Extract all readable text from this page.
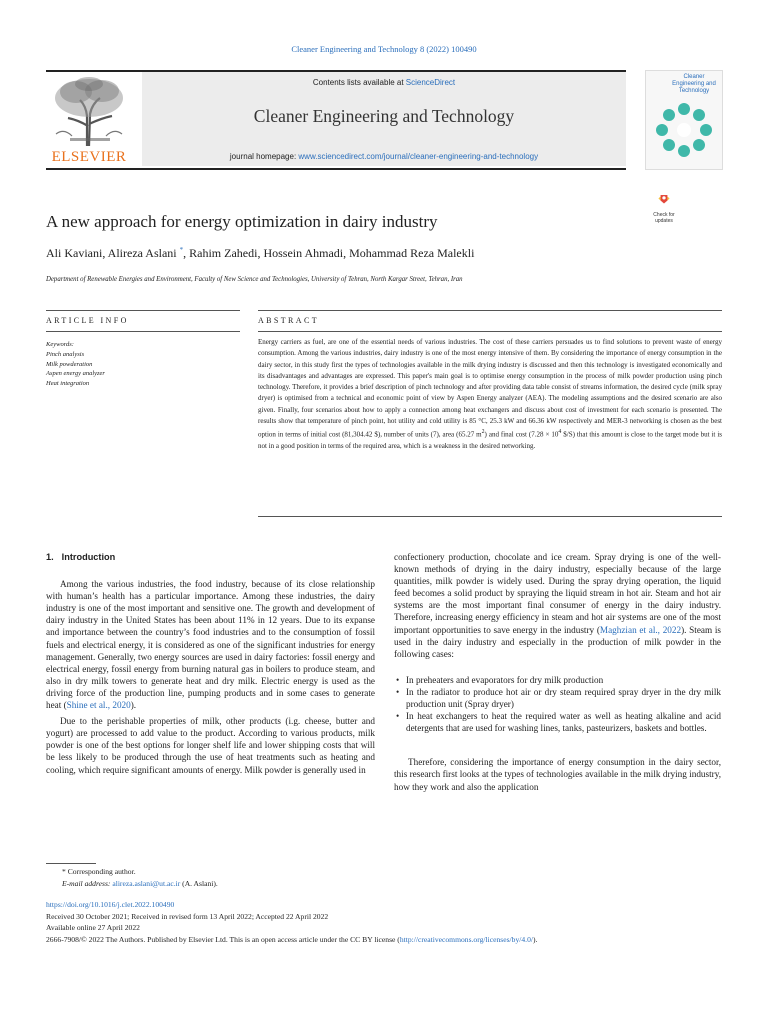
Cleaner Engineering and Technology 8 (2022) 100490
ELSEVIER
Contents lists available at ScienceDirect
Cleaner Engineering and Technology
journal homepage: www.sciencedirect.com/journal/cleaner-engineering-and-technology
Cleaner Engineering and Technology
A new approach for energy optimization in dairy industry	Check for
updates
Ali Kaviani, Alireza Aslani *, Rahim Zahedi, Hossein Ahmadi, Mohammad Reza Malekli
Department of Renewable Energies and Environment, Faculty of New Science and Technologies, University of Tehran, North Kargar Street, Tehran, Iran
ARTICLE INFO	ABSTRACT
Keywords:
Pinch analysis
Milk powderation
Aspen energy analyzer
Heat integration
Energy carriers as fuel, are one of the essential needs of various industries. The cost of these carriers persuades us to find solutions to prevent waste of energy consumption. Among the various industries, dairy industry is one of the most energy intensive of them. By considering the importance of energy consumption in the dairy sector, in this study first the types of technologies available in the milk drying industry is discussed and then this technology is investigated economically and its disadvantages and advantages are expressed. This paper's main goal is to optimise energy consumption in the process of milk powder production using pinch technology. Therefore, it provides a brief description of pinch technology and after providing data table consist of streams information, the desired cycle (milk spray dryer) is optimised from a technical and economic point of view by Aspen Energy analyzer (AEA). The modeling assumptions and the desired scenario are also given. Finally, four scenarios about how to apply a connection among heat exchangers and discuss about cost of investment for each scenario is presented. The results show that temperature of pinch point, hot utility and cold utility is 85 °C, 25.3 kW and 66.36 kW respectively and MER-3 networking is chosen as the best option in terms of initial cost (81,304.42 $), number of units (7), area (65.27 $m^2$) and final cost ($7.28 \times 10^4$ $/S) that this amount is close to the target mode but it is not in a good position in terms of the required area, which is a weakness in the desired networking.
1. Introduction

Among the various industries, the food industry, because of its close relationship with human’s health has a particular importance. Among these industries, the dairy industry is one of the most important and sensitive one. The growth and development of dairy industry in the United States has been about 11% in 12 years. Due to its expanse and importance between the country’s food industries and to the consumption of fossil fuels and electrical energy, it is considered as one of the significant industries for energy management. Generally, two energy sources are used in dairy factories: fossil energy and electrical energy, fossil energy from burning natural gas in boilers to produce steam, and also in dry milk towers to generate heat and dry milk. Electric energy is used as the driving force of the production line, pumping products and in some cases to generate heat (Shine et al., 2020).

Due to the perishable properties of milk, other products (i.g. cheese, butter and yogurt) are processed to add value to the product. According to various products, milk powder is one of the best options for longer shelf life and lower shipping costs that will be less likely to be produced through the use of heat treatments such as heating and cooling, which require significant amounts of energy. Milk powder is generally used in

confectionery production, chocolate and ice cream. Spray drying is one of the well-known methods of drying in the dairy industry, especially because of the large quantities, milk powder is widely used. During the spray drying operation, the liquid feed becomes a solid product by spraying the liquid stream in hot air. Steam and hot air systems are the most important final consumer of energy in the dairy industry. Therefore, increasing energy efficiency in steam and hot air systems are one of the most important opportunities to save energy in the industry (Maghzian et al., 2022). Steam is used in the dairy industry and especially in the production of milk powder in the following cases:

• In preheaters and evaporators for dry milk production
• In the radiator to produce hot air or dry steam required spray dryer in the dry milk production unit (Spray dryer)
• In heat exchangers to heat the required water as well as heating alkaline and acid detergents that are used for washing lines, tanks, pasteurizers, baskets and bottles.

Therefore, considering the importance of energy consumption in the dairy sector, this research first looks at the types of technologies available in the milk drying industry, how they work and also the application

* Corresponding author.
E-mail address: alireza.aslani@ut.ac.ir (A. Aslani).
https://doi.org/10.1016/j.clet.2022.100490
Received 30 October 2021; Received in revised form 13 April 2022; Accepted 22 April 2022
Available online 27 April 2022
2666-7908/© 2022 The Authors. Published by Elsevier Ltd. This is an open access article under the CC BY license (http://creativecommons.org/licenses/by/4.0/).
